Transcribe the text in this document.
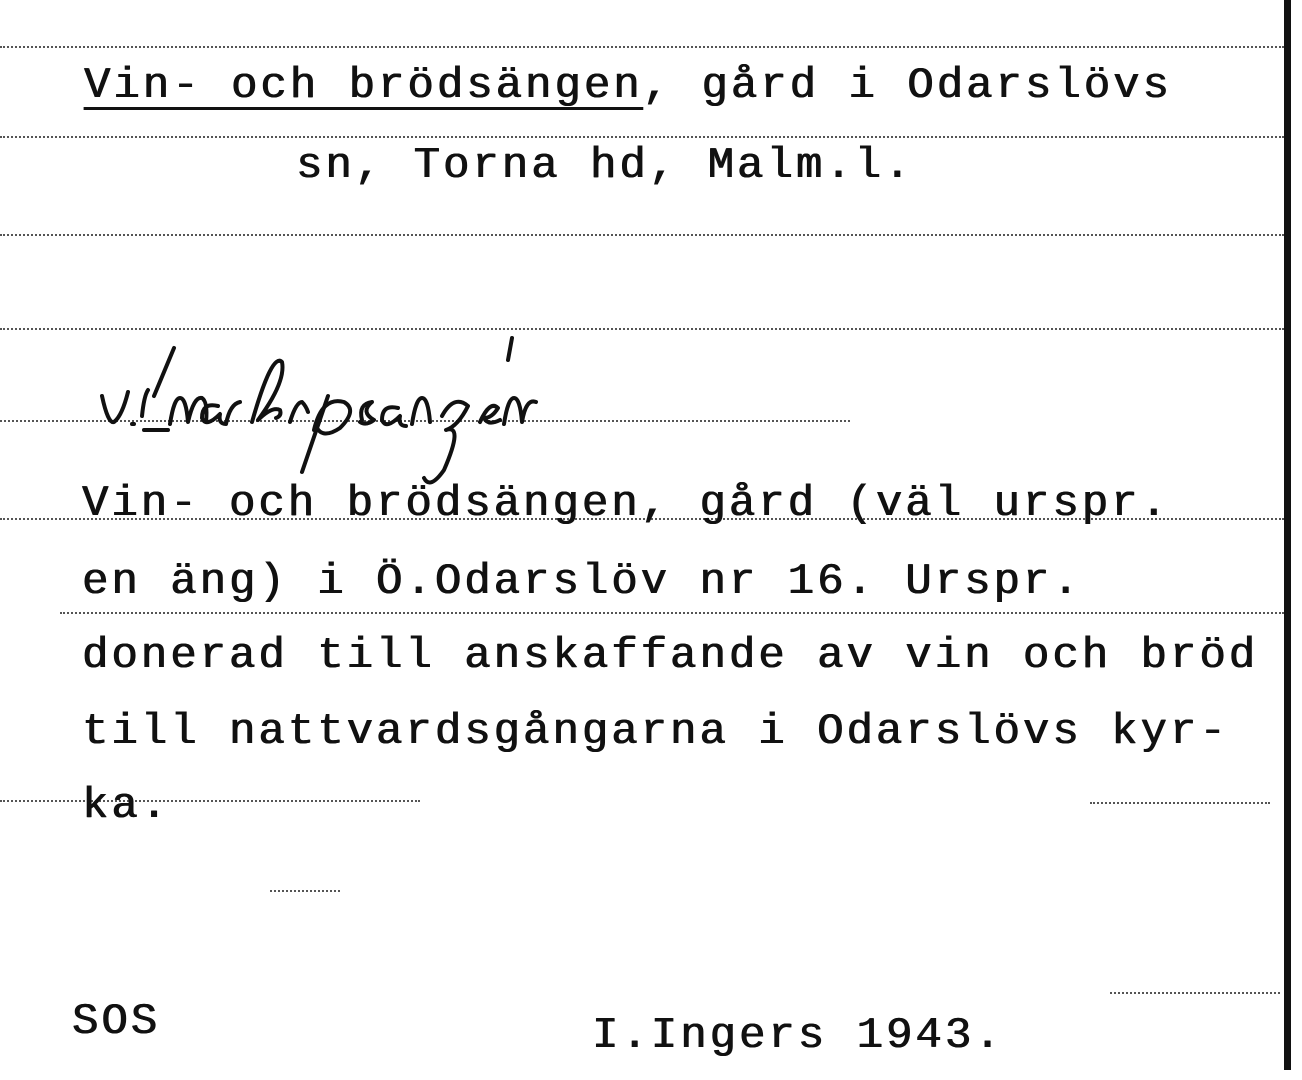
Vin- och brödsängen, gård i Odarslövs
sn, Torna hd, Malm.l.
Vin- och brödsängen, gård (väl urspr.
en äng) i Ö.Odarslöv nr 16. Urspr.
donerad till anskaffande av vin och bröd
till nattvardsgångarna i Odarslövs kyr-
ka.
SOS	I.Ingers 1943.
